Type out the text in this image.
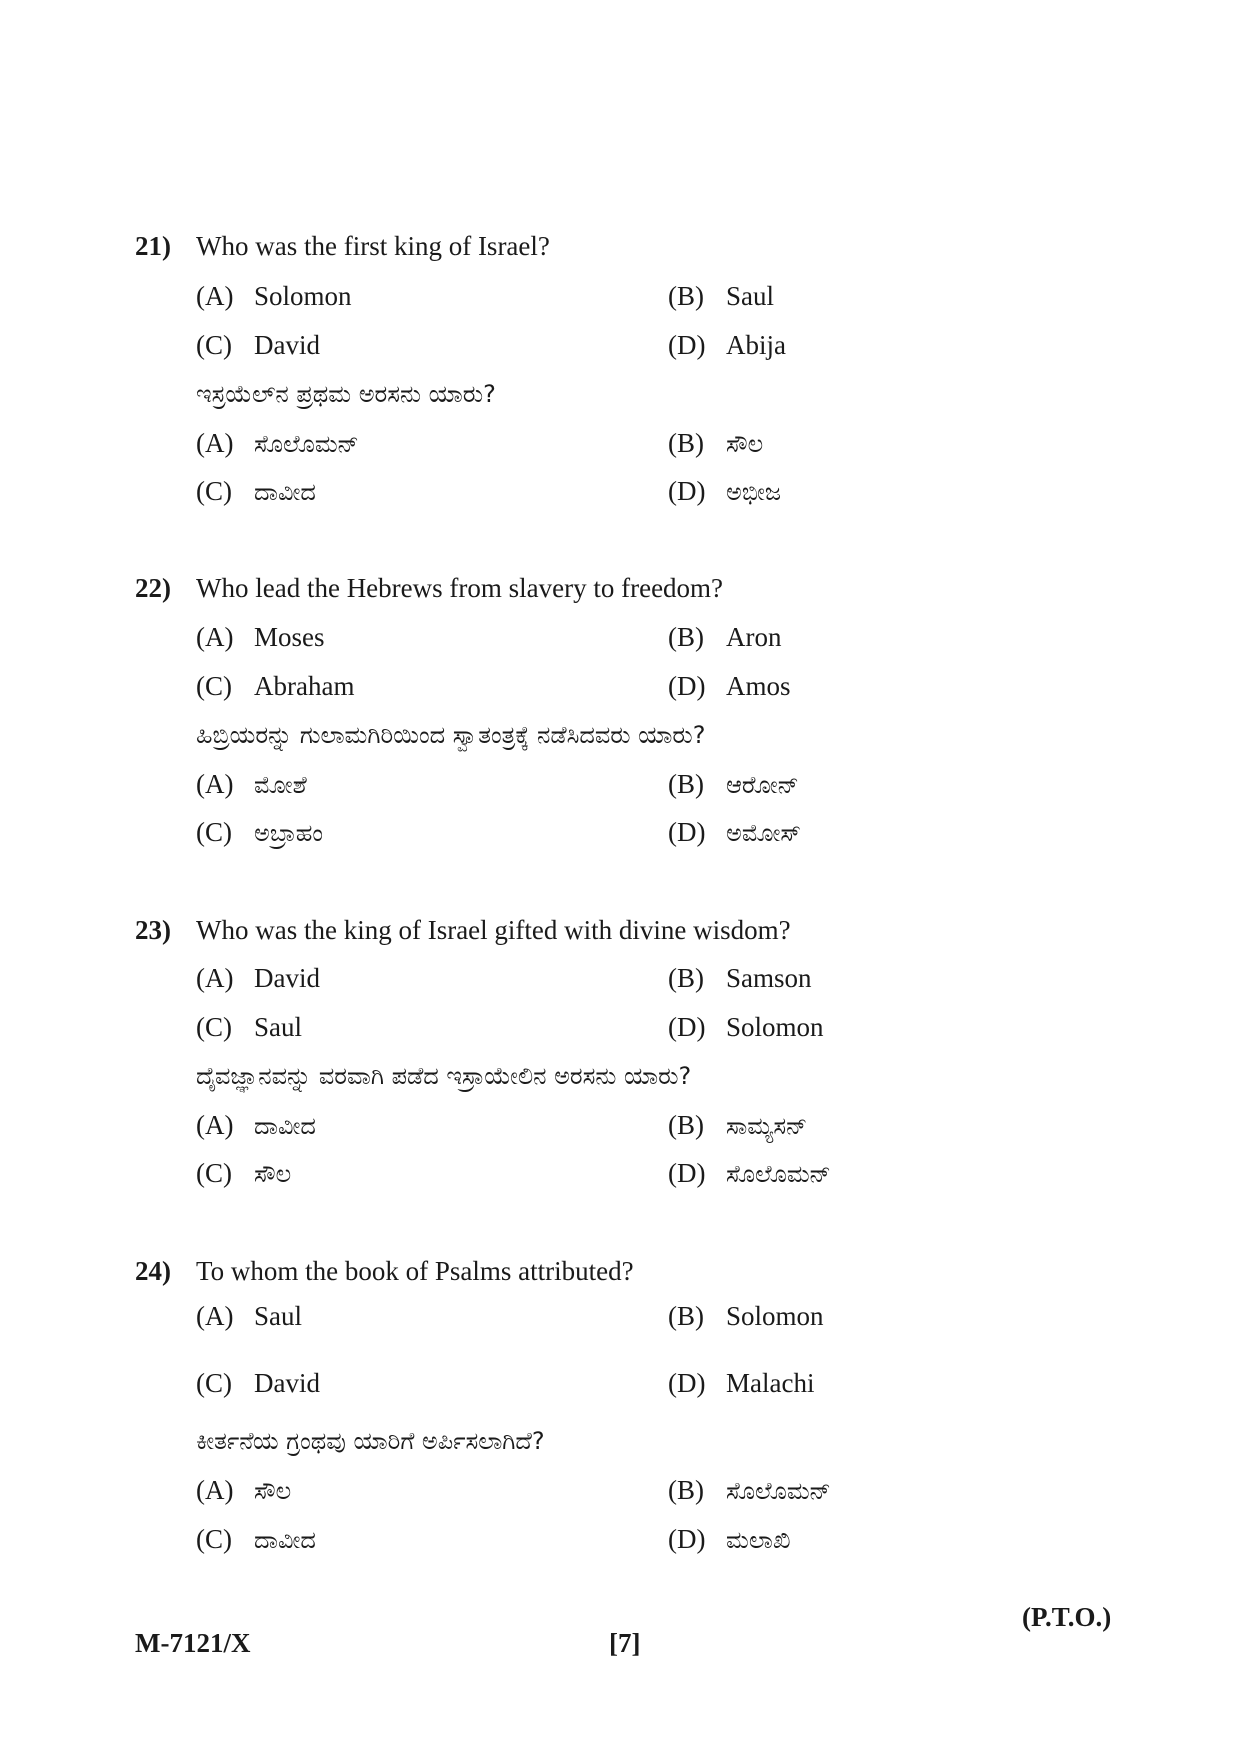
21) Who was the first king of Israel?
(A) Solomon	(B) Saul
(C) David	(D) Abija
ಇಸ್ರಯೆಲ್‌ನ ಪ್ರಥಮ ಅರಸನು ಯಾರು?
(A) ಸೊಲೊಮನ್	(B) ಸೌಲ
(C) ದಾವೀದ	(D) ಅಭೀಜ
22) Who lead the Hebrews from slavery to freedom?
(A) Moses	(B) Aron
(C) Abraham	(D) Amos
ಹಿಬ್ರಿಯರನ್ನು ಗುಲಾಮಗಿರಿಯಿಂದ ಸ್ವಾತಂತ್ರಕ್ಕೆ ನಡೆಸಿದವರು ಯಾರು?
(A) ಮೋಶೆ	(B) ಆರೋನ್
(C) ಅಬ್ರಾಹಂ	(D) ಅಮೋಸ್
23) Who was the king of Israel gifted with divine wisdom?
(A) David	(B) Samson
(C) Saul	(D) Solomon
ದೈವಜ್ಞಾನವನ್ನು ವರವಾಗಿ ಪಡೆದ ಇಸ್ರಾಯೇಲಿನ ಅರಸನು ಯಾರು?
(A) ದಾವೀದ	(B) ಸಾಮ್ಯಸನ್
(C) ಸೌಲ	(D) ಸೊಲೊಮನ್
24) To whom the book of Psalms attributed?
(A) Saul	(B) Solomon
(C) David	(D) Malachi
ಕೀರ್ತನೆಯ ಗ್ರಂಥವು ಯಾರಿಗೆ ಅರ್ಪಿಸಲಾಗಿದೆ?
(A) ಸೌಲ	(B) ಸೊಲೊಮನ್
(C) ದಾವೀದ	(D) ಮಲಾಖಿ
(P.T.O.)
M-7121/X	[7]
